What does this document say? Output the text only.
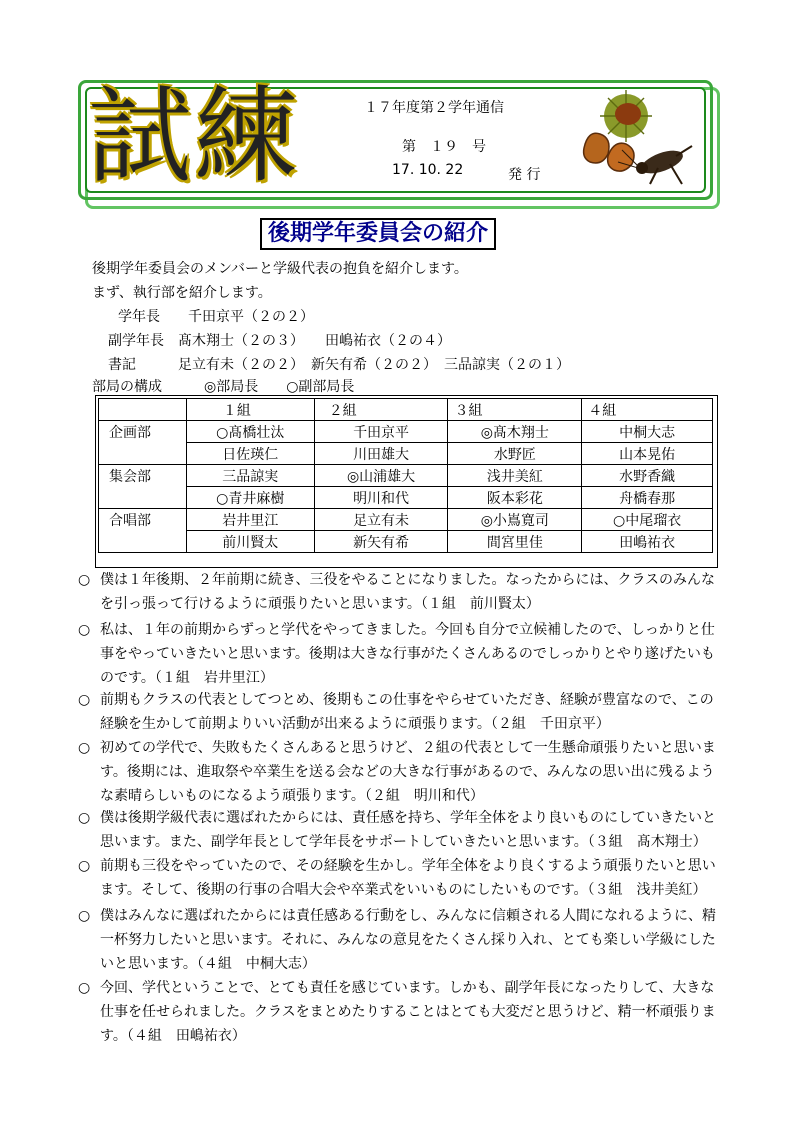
試練	１７年度第２学年通信
第　１９　号
17. 10. 22	発 行
後期学年委員会の紹介
後期学年委員会のメンバーと学級代表の抱負を紹介します。
まず、執行部を紹介します。
学年長　　千田京平（２の２）
副学年長　髙木翔士（２の３）　　田嶋祐衣（２の４）
書記　　　足立有未（２の２）　新矢有希（２の２）　三品諒実（２の１）
部局の構成　　　◎部局長　　○副部局長
	１組	２組	３組	４組
企画部	○髙橋壮汰	千田京平	◎髙木翔士	中桐大志
	日佐瑛仁	川田雄大	水野匠	山本晃佑
集会部	三品諒実	◎山浦雄大	浅井美紅	水野香織
	○青井麻樹	明川和代	阪本彩花	舟橋春那
合唱部	岩井里江	足立有未	◎小嶌寛司	○中尾瑠衣
	前川賢太	新矢有希	間宮里佳	田嶋祐衣
○ 僕は１年後期、２年前期に続き、三役をやることになりました。なったからには、クラスのみんなを引っ張って行けるように頑張りたいと思います。（１組　前川賢太）
○ 私は、１年の前期からずっと学代をやってきました。今回も自分で立候補したので、しっかりと仕事をやっていきたいと思います。後期は大きな行事がたくさんあるのでしっかりとやり遂げたいものです。（１組　岩井里江）
○ 前期もクラスの代表としてつとめ、後期もこの仕事をやらせていただき、経験が豊富なので、この経験を生かして前期よりいい活動が出来るように頑張ります。（２組　千田京平）
○ 初めての学代で、失敗もたくさんあると思うけど、２組の代表として一生懸命頑張りたいと思います。後期には、進取祭や卒業生を送る会などの大きな行事があるので、みんなの思い出に残るような素晴らしいものになるよう頑張ります。（２組　明川和代）
○ 僕は後期学級代表に選ばれたからには、責任感を持ち、学年全体をより良いものにしていきたいと思います。また、副学年長として学年長をサポートしていきたいと思います。（３組　髙木翔士）
○ 前期も三役をやっていたので、その経験を生かし。学年全体をより良くするよう頑張りたいと思います。そして、後期の行事の合唱大会や卒業式をいいものにしたいものです。（３組　浅井美紅）
○ 僕はみんなに選ばれたからには責任感ある行動をし、みんなに信頼される人間になれるように、精一杯努力したいと思います。それに、みんなの意見をたくさん採り入れ、とても楽しい学級にしたいと思います。（４組　中桐大志）
○ 今回、学代ということで、とても責任を感じています。しかも、副学年長になったりして、大きな仕事を任せられました。クラスをまとめたりすることはとても大変だと思うけど、精一杯頑張ります。（４組　田嶋祐衣）
